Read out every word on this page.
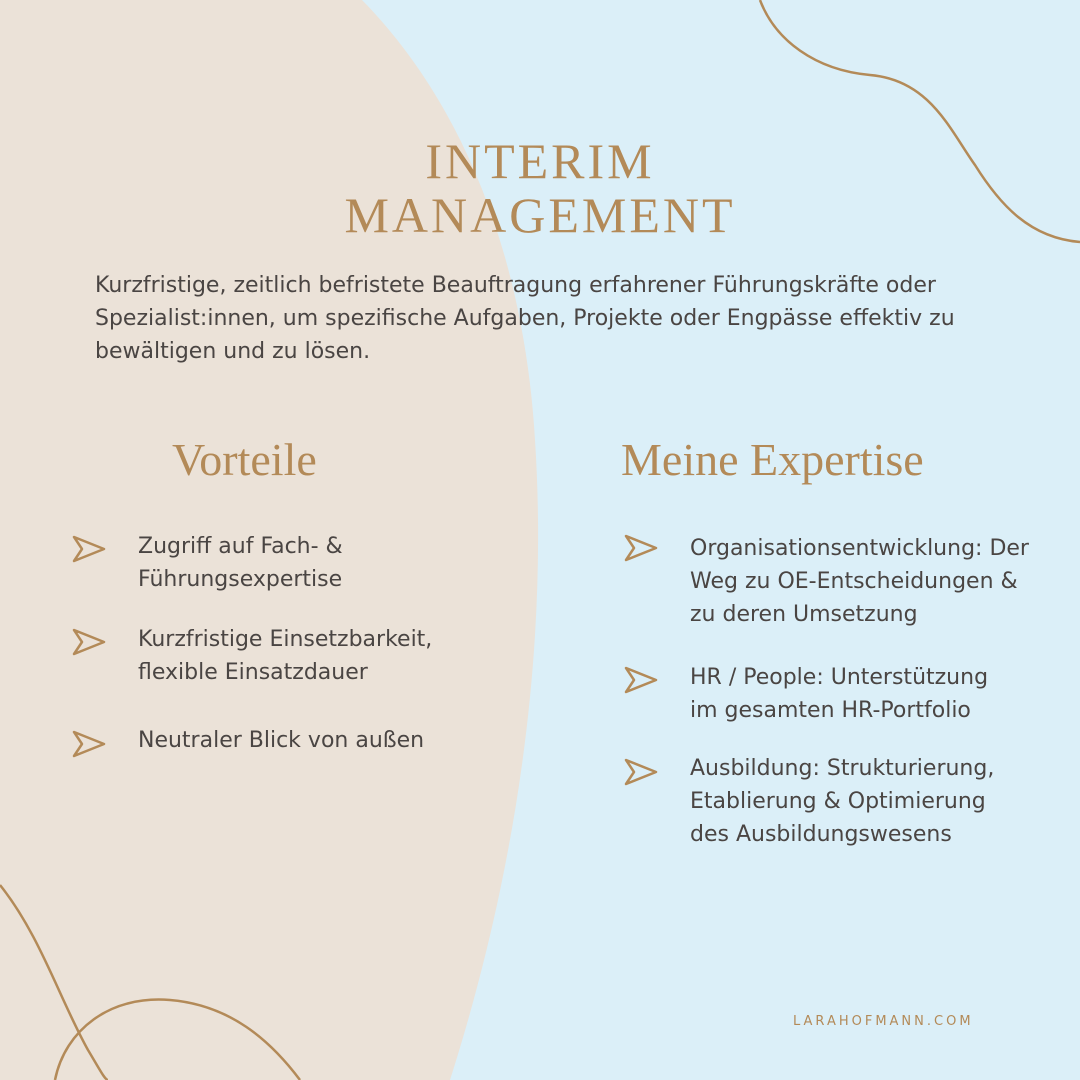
INTERIM
MANAGEMENT

Kurzfristige, zeitlich befristete Beauftragung erfahrener Führungskräfte oder Spezialist:innen, um spezifische Aufgaben, Projekte oder Engpässe effektiv zu bewältigen und zu lösen.

Vorteile	Meine Expertise

Zugriff auf Fach- &
Führungsexpertise

Kurzfristige Einsetzbarkeit,
flexible Einsatzdauer

Neutraler Blick von außen

Organisationsentwicklung: Der
Weg zu OE-Entscheidungen &
zu deren Umsetzung

HR / People: Unterstützung
im gesamten HR-Portfolio

Ausbildung: Strukturierung,
Etablierung & Optimierung
des Ausbildungswesens

LARAHOFMANN.COM
